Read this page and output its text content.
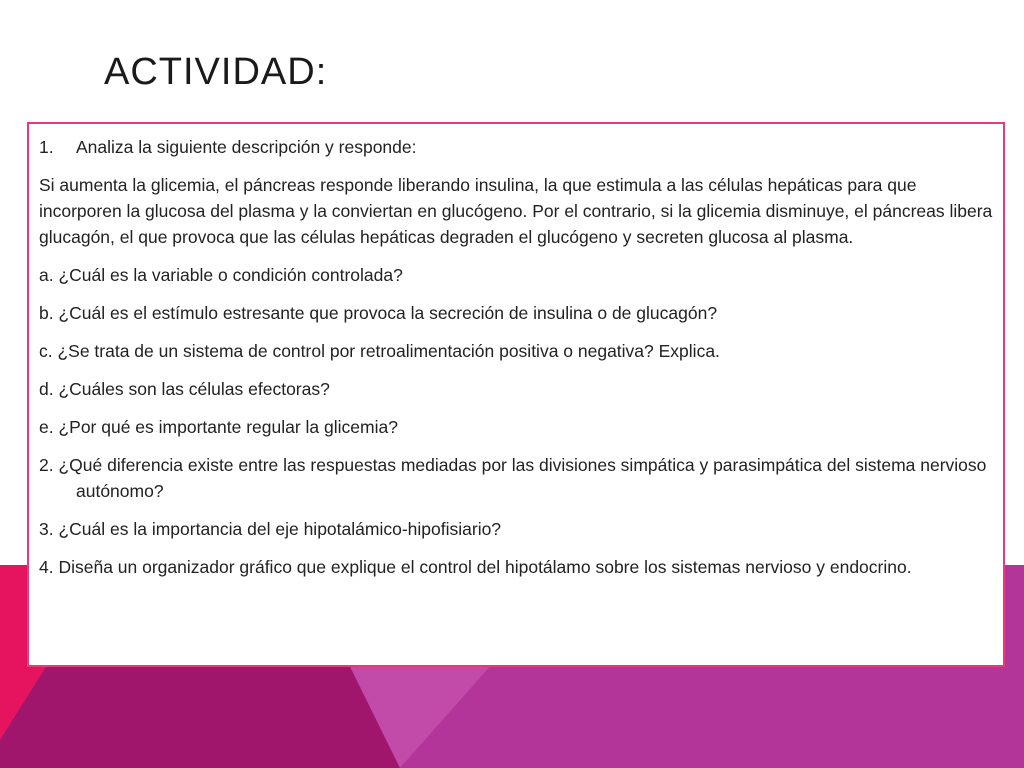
ACTIVIDAD:

1.	Analiza la siguiente descripción y responde:

Si aumenta la glicemia, el páncreas responde liberando insulina, la que estimula a las células hepáticas para que incorporen la glucosa del plasma y la conviertan en glucógeno. Por el contrario, si la glicemia disminuye, el páncreas libera glucagón, el que provoca que las células hepáticas degraden el glucógeno y secreten glucosa al plasma.

a. ¿Cuál es la variable o condición controlada?

b. ¿Cuál es el estímulo estresante que provoca la secreción de insulina o de glucagón?

c. ¿Se trata de un sistema de control por retroalimentación positiva o negativa? Explica.

d. ¿Cuáles son las células efectoras?

e. ¿Por qué es importante regular la glicemia?

2. ¿Qué diferencia existe entre las respuestas mediadas por las divisiones simpática y parasimpática del sistema nervioso autónomo?

3. ¿Cuál es la importancia del eje hipotalámico-hipofisiario?

4. Diseña un organizador gráfico que explique el control del hipotálamo sobre los sistemas nervioso y endocrino.
